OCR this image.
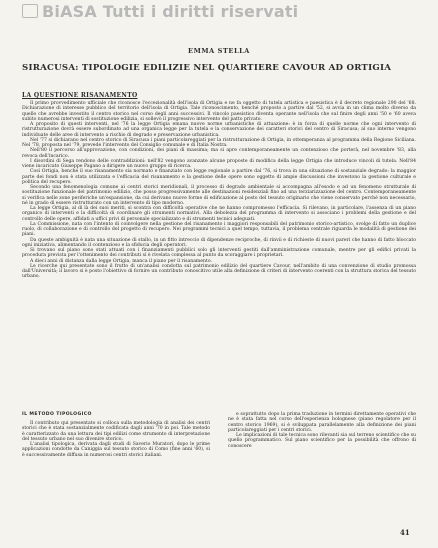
BiASA Tutti i diritti riservati
EMMA STELLA
SIRACUSA: TIPOLOGIE EDILIZIE NEL QUARTIERE CAVOUR AD ORTIGIA
LA QUESTIONE RISANAMENTO

Il primo provvedimento ufficiale che riconosce l'eccezionalità dell'isola di Ortigia e ne fa oggetto di tutela artistica e paesistica è il decreto regionale 290 del '68. Dichiarazione di interesse pubblico del territorio dell'isola di Ortigia. Tale riconoscimento, benché proposto a partire dal '52, si avvia in un clima molto diverso da quello che avrebbe investito il centro storico nel corso degli anni successivi. Il vincolo paesistico diventa operante nell'isola che sul finire degli anni '50 e '60 aveva subito numerosi interventi di sostituzione edilizia, si sollevò il progressivo intervento del patto privato.

A proposito di questi interventi, nel '76 la legge Ortigia emana nuove norme urbanistiche di attuazione: è in forza di quelle norme che ogni intervento di ristrutturazione dovrà essere subordinato ad una organica legge per la tutela e la conservazione dei caratteri storici del centro di Siracusa; al suo interno vengono individuate delle aree di intervento a rischio di degrado e preservazione urbanistica.

Nel '77 si dichiarano nel centro storico di Siracusa i piani particolareggiati per la ristrutturazione di Ortigia, in ottemperanza al programma della Regione Siciliana. Nel '78, proposta nel '79, prevede l'intervento del Consiglio comunale e di Italia Nostra.

Nell'80 il percorso all'approvazione, con condizioni, dei piani di massima; ma si apre contemporaneamente un contenzioso che porterà, nel novembre '83, alla revoca dell'incarico.

I disordini di Sega rendono delle contraddizioni: nell'82 vengono avanzate alcune proposte di modifica della legge Ortigia che introduce vincoli di tutela. Nell'84 viene incaricato Giuseppe Pagano a dirigere un nuovo gruppo di ricerca.

Così Ortigia, benché il suo risanamento sia normato e finanziato con legge regionale a partire dal '76, si trova in una situazione di sostanziale degrado: la maggior parte dei fondi non è stata utilizzata e l'efficacia del risanamento e la gestione delle opere sono oggetto di ampie discussioni che investono la gestione culturale e politica del recupero.

Secondo una fenomenologia comune ai centri storici meridionali, il processo di degrado ambientale si accompagna all'esodo e ad un fenomeno strutturale di sostituzione funzionale del patrimonio edilizio, che posso progressivamente alle destinazioni residenziali fino ad una terziarizzazione del centro. Contemporaneamente si verifica nelle zone periferiche un'espansione, da cui derivano nuove forme di edificazione al posto del tessuto originario che viene conservato perché non necessario, né in grado di essere ristrutturato con un intervento di tipo moderno.

La legge Ortigia, al di là dei suoi meriti, si scontra con difficoltà operative che ne hanno compromesso l'efficacia. Si rilevano, in particolare, l'assenza di un piano organico di interventi e la difficoltà di coordinare gli strumenti normativi. Alla debolezza del programma di intervento si associano i problemi della gestione e del controllo delle opere, affidati a uffici privi di personale specializzato e di strumenti tecnici adeguati.

La Commissione, nata con l'intento di coinvolgere nella gestione del risanamento i maggiori responsabili del patrimonio storico-artistico, svolge di fatto un duplice ruolo, di collaborazione e di controllo del progetto di recupero. Nei programmi tecnici a quel tempo, tuttavia, il problema centrale riguarda le modalità di gestione dei piani.

Da queste ambiguità è nata una situazione di stallo, in un fitto intreccio di dipendenze reciproche, di rinvii e di richieste di nuovi pareri che hanno di fatto bloccato ogni iniziativa, alimentando il contenzioso e la sfiducia degli operatori.

Si trovano sul piano sono stati attuati con i finanziamenti pubblici solo gli interventi gestiti dall'amministrazione comunale, mentre per gli edifici privati la procedura prevista per l'ottenimento dei contributi si è rivelata complessa al punto da scoraggiare i proprietari.

A dieci anni di distanza dalla legge Ortigia, manca il piano per il risanamento.

Le ricerche qui presentate sono il frutto di un'analisi condotta sul patrimonio edilizio del quartiere Cavour, nell'ambito di una convenzione di studio promossa dall'Università; il lavoro si è posto l'obiettivo di fornire un contributo conoscitivo utile alla definizione di criteri di intervento coerenti con la struttura storica del tessuto urbano.

IL METODO TIPOLOGICO

Il contributo qui presentato si colloca sulla metodologia di analisi dei centri storici che è stata sostanzialmente codificata dagli anni '70 in poi. Tale metodo è caratterizzato da una lettura dei tipi edilizi come strumento di interpretazione del tessuto urbano nel suo divenire storico.

L'analisi tipologica, derivata dagli studi di Saverio Muratori, dopo le prime applicazioni condotte da Caniggia sul tessuto storico di Como (fine anni '60), si è successivamente diffusa in numerosi centri storici italiani.

e soprattutto dopo la prima traduzione in termini direttamente operativi che ne è stata fatta nel corso dell'esperienza bolognese (piano regolatore per il centro storico 1969), si è sviluppata parallelamente alla definizione dei piani particolareggiati per i centri storici.

Le implicazioni di tale tecnica sono rilevanti sia sul terreno scientifico che su quello programmatico. Sul piano scientifico per la possibilità che offrono di conoscere

41
